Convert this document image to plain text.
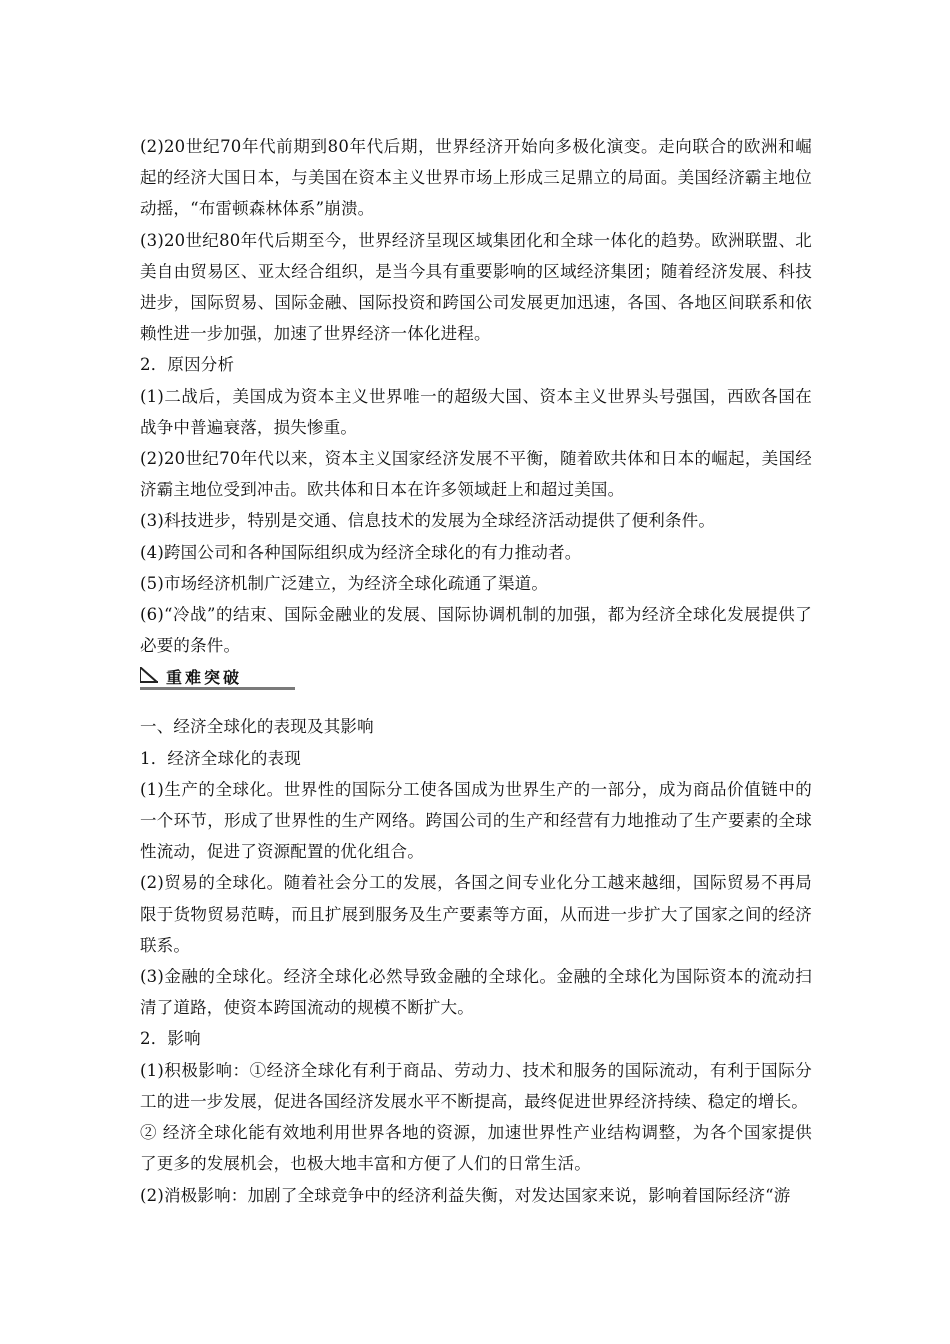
(2)20世纪70年代前期到80年代后期，世界经济开始向多极化演变。走向联合的欧洲和崛起的经济大国日本，与美国在资本主义世界市场上形成三足鼎立的局面。美国经济霸主地位动摇，“布雷顿森林体系”崩溃。

(3)20世纪80年代后期至今，世界经济呈现区域集团化和全球一体化的趋势。欧洲联盟、北美自由贸易区、亚太经合组织，是当今具有重要影响的区域经济集团；随着经济发展、科技进步，国际贸易、国际金融、国际投资和跨国公司发展更加迅速，各国、各地区间联系和依赖性进一步加强，加速了世界经济一体化进程。

2．原因分析

(1)二战后，美国成为资本主义世界唯一的超级大国、资本主义世界头号强国，西欧各国在战争中普遍衰落，损失惨重。

(2)20世纪70年代以来，资本主义国家经济发展不平衡，随着欧共体和日本的崛起，美国经济霸主地位受到冲击。欧共体和日本在许多领域赶上和超过美国。

(3)科技进步，特别是交通、信息技术的发展为全球经济活动提供了便利条件。

(4)跨国公司和各种国际组织成为经济全球化的有力推动者。

(5)市场经济机制广泛建立，为经济全球化疏通了渠道。

(6)“冷战”的结束、国际金融业的发展、国际协调机制的加强，都为经济全球化发展提供了必要的条件。

重难突破

一、经济全球化的表现及其影响

1．经济全球化的表现

(1)生产的全球化。世界性的国际分工使各国成为世界生产的一部分，成为商品价值链中的一个环节，形成了世界性的生产网络。跨国公司的生产和经营有力地推动了生产要素的全球性流动，促进了资源配置的优化组合。

(2)贸易的全球化。随着社会分工的发展，各国之间专业化分工越来越细，国际贸易不再局限于货物贸易范畴，而且扩展到服务及生产要素等方面，从而进一步扩大了国家之间的经济联系。

(3)金融的全球化。经济全球化必然导致金融的全球化。金融的全球化为国际资本的流动扫清了道路，使资本跨国流动的规模不断扩大。

2．影响

(1)积极影响：①经济全球化有利于商品、劳动力、技术和服务的国际流动，有利于国际分工的进一步发展，促进各国经济发展水平不断提高，最终促进世界经济持续、稳定的增长。

② 经济全球化能有效地利用世界各地的资源，加速世界性产业结构调整，为各个国家提供了更多的发展机会，也极大地丰富和方便了人们的日常生活。

(2)消极影响：加剧了全球竞争中的经济利益失衡，对发达国家来说，影响着国际经济“游
